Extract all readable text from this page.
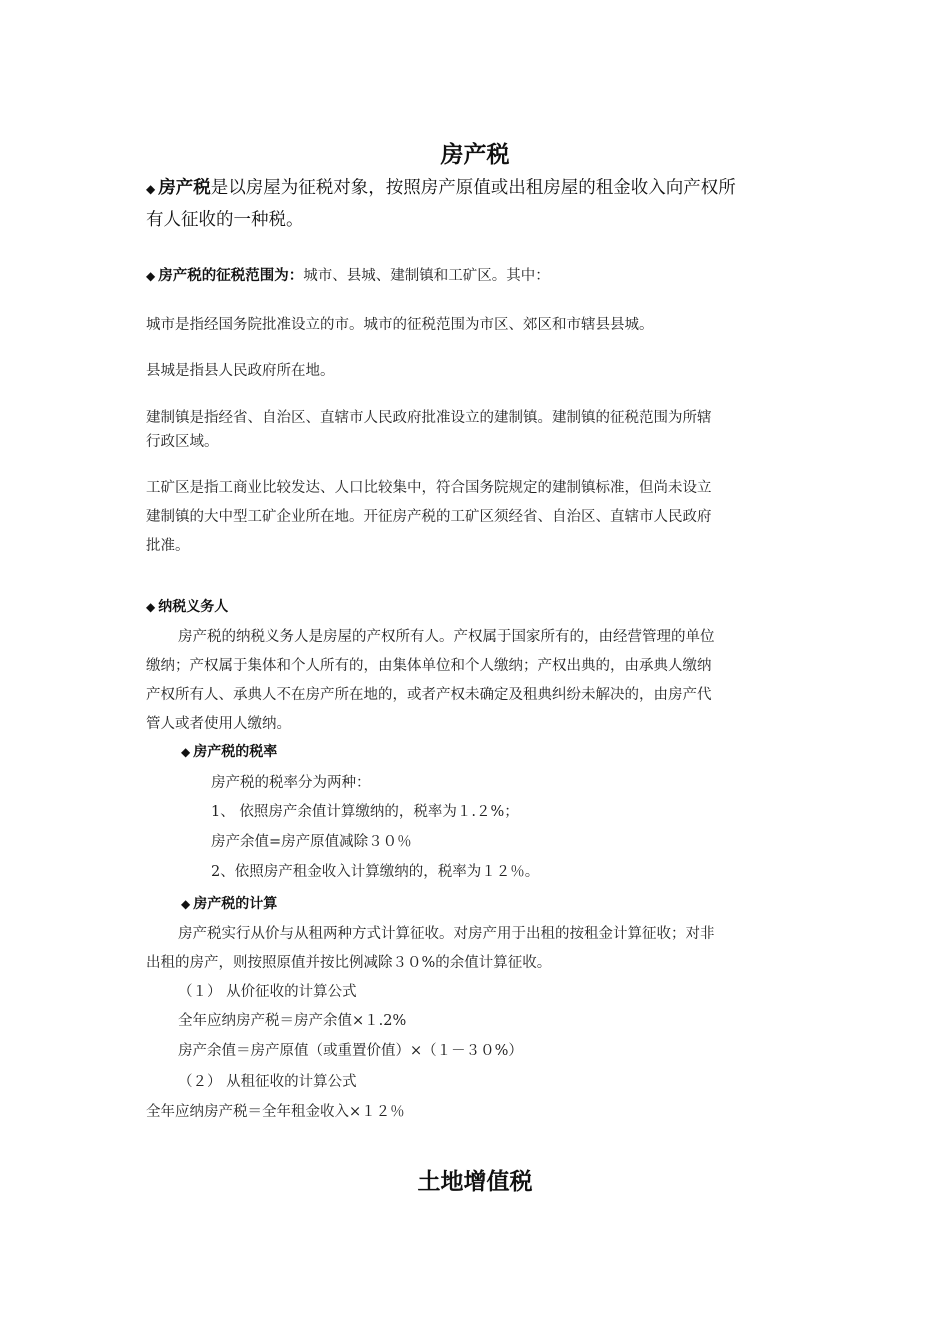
房产税
◆ 房产税是以房屋为征税对象，按照房产原值或出租房屋的租金收入向产权所
有人征收的一种税。
◆ 房产税的征税范围为：城市、县城、建制镇和工矿区。其中：
城市是指经国务院批准设立的市。城市的征税范围为市区、郊区和市辖县县城。
县城是指县人民政府所在地。
建制镇是指经省、自治区、直辖市人民政府批准设立的建制镇。建制镇的征税范围为所辖
行政区域。
工矿区是指工商业比较发达、人口比较集中，符合国务院规定的建制镇标准，但尚未设立
建制镇的大中型工矿企业所在地。开征房产税的工矿区须经省、自治区、直辖市人民政府
批准。
◆ 纳税义务人
房产税的纳税义务人是房屋的产权所有人。产权属于国家所有的，由经营管理的单位
缴纳；产权属于集体和个人所有的，由集体单位和个人缴纳；产权出典的，由承典人缴纳
产权所有人、承典人不在房产所在地的，或者产权未确定及租典纠纷未解决的，由房产代
管人或者使用人缴纳。
◆ 房产税的税率
房产税的税率分为两种：
1、 依照房产余值计算缴纳的，税率为１.２%；
房产余值=房产原值减除３０％
2、依照房产租金收入计算缴纳的，税率为１２％。
◆ 房产税的计算
房产税实行从价与从租两种方式计算征收。对房产用于出租的按租金计算征收；对非
出租的房产，则按照原值并按比例减除３０%的余值计算征收。
（１） 从价征收的计算公式
全年应纳房产税＝房产余值×１.2%
房产余值＝房产原值（或重置价值）×（１－３０%）
（２） 从租征收的计算公式
全年应纳房产税＝全年租金收入×１２％
土地增值税
